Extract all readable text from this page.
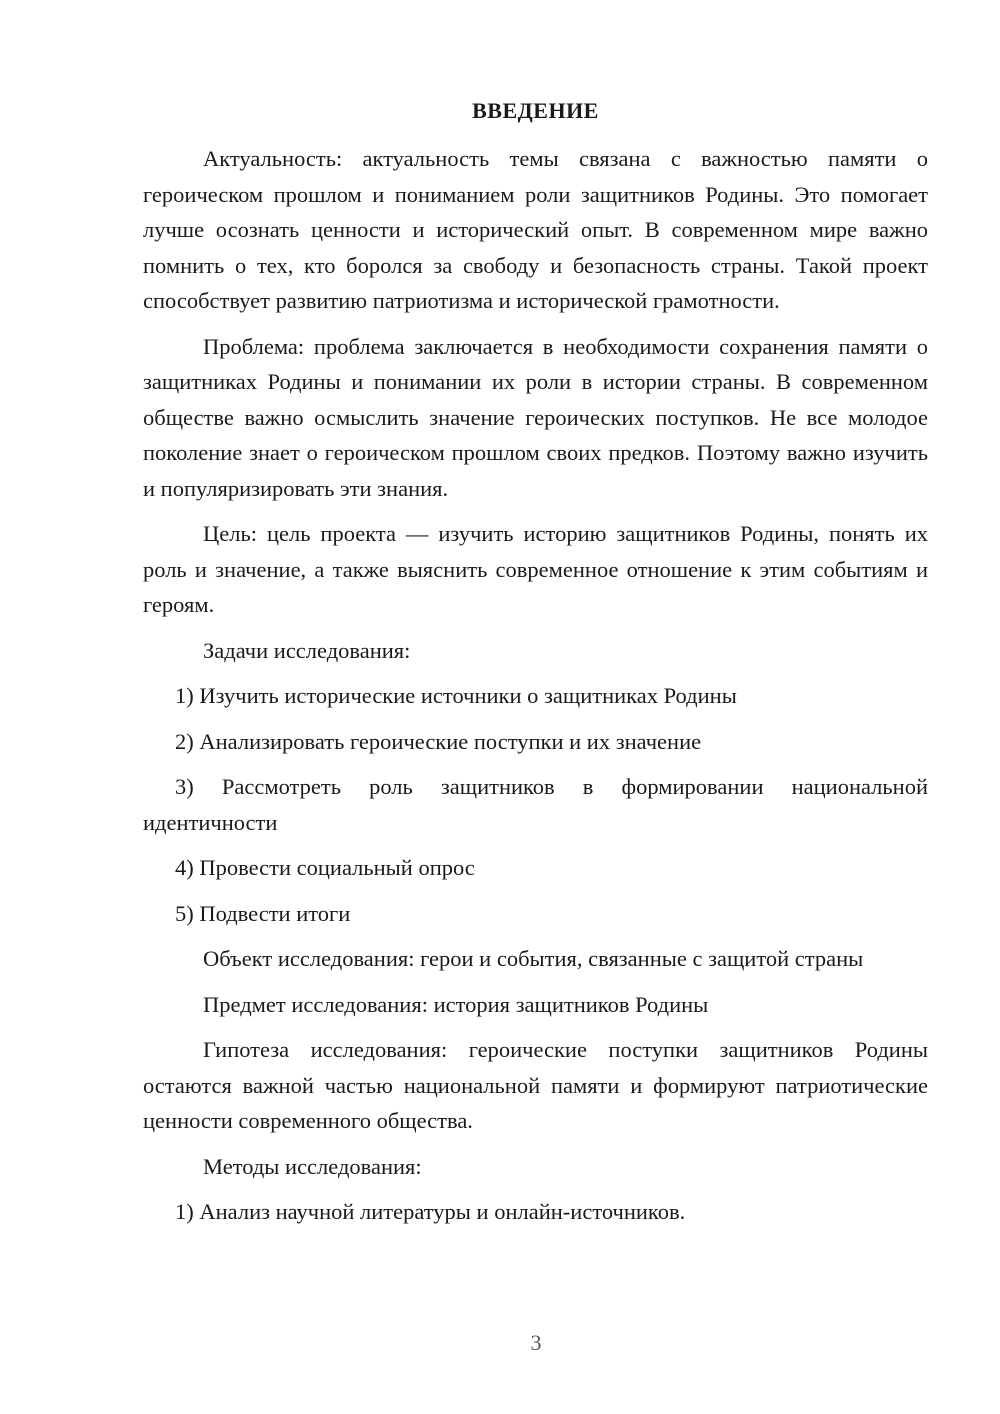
ВВЕДЕНИЕ

Актуальность: актуальность темы связана с важностью памяти о героическом прошлом и пониманием роли защитников Родины. Это помогает лучше осознать ценности и исторический опыт. В современном мире важно помнить о тех, кто боролся за свободу и безопасность страны. Такой проект способствует развитию патриотизма и исторической грамотности.

Проблема: проблема заключается в необходимости сохранения памяти о защитниках Родины и понимании их роли в истории страны. В современном обществе важно осмыслить значение героических поступков. Не все молодое поколение знает о героическом прошлом своих предков. Поэтому важно изучить и популяризировать эти знания.

Цель: цель проекта — изучить историю защитников Родины, понять их роль и значение, а также выяснить современное отношение к этим событиям и героям.

Задачи исследования:

1) Изучить исторические источники о защитниках Родины

2) Анализировать героические поступки и их значение

3) Рассмотреть роль защитников в формировании национальной идентичности

4) Провести социальный опрос

5) Подвести итоги

Объект исследования: герои и события, связанные с защитой страны

Предмет исследования: история защитников Родины

Гипотеза исследования: героические поступки защитников Родины остаются важной частью национальной памяти и формируют патриотические ценности современного общества.

Методы исследования:

1) Анализ научной литературы и онлайн-источников.

3
